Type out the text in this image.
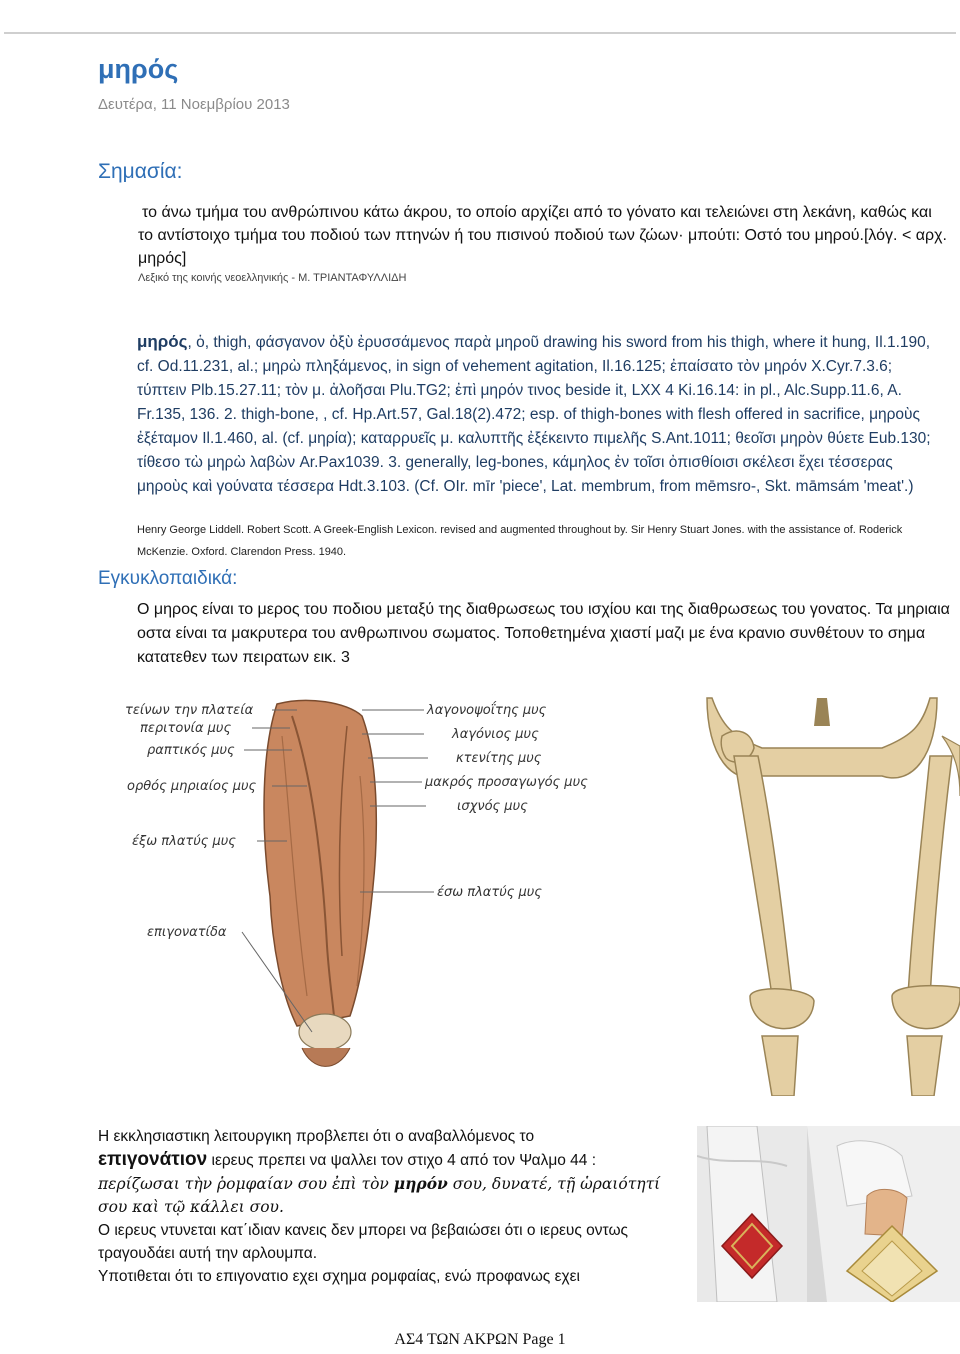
μηρός
Δευτέρα, 11 Νοεμβρίου 2013
Σημασία:
το άνω τμήμα του ανθρώπινου κάτω άκρου, το οποίο αρχίζει από το γόνατο και τελειώνει στη λεκάνη, καθώς και το αντίστοιχο τμήμα του ποδιού των πτηνών ή του πισινού ποδιού των ζώων· μπούτι: Οστό του μηρού.[λόγ. < αρχ. μηρός]
Λεξικό της κοινής νεοελληνικής - Μ. ΤΡΙΑΝΤΑΦΥΛΛΙΔΗ
μηρός, ὁ, thigh, φάσγανον ὀξὺ ἐρυσσάμενος παρὰ μηροῦ drawing his sword from his thigh, where it hung, Il.1.190, cf. Od.11.231, al.; μηρὼ πληξάμενος, in sign of vehement agitation, Il.16.125; ἐπαίσατο τὸν μηρόν X.Cyr.7.3.6; τύπτειν Plb.15.27.11; τὸν μ. ἀλοῆσαι Plu.TG2; ἐπὶ μηρόν τινος beside it, LXX 4 Ki.16.14: in pl., Alc.Supp.11.6, A. Fr.135, 136. 2. thigh-bone, , cf. Hp.Art.57, Gal.18(2).472; esp. of thigh-bones with flesh offered in sacrifice, μηροὺς ἐξέταμον Il.1.460, al. (cf. μηρία); καταρρυεῖς μ. καλυπτῆς ἐξέκειντο πιμελῆς S.Ant.1011; θεοῖσι μηρὸν θύετε Eub.130; τίθεσο τὼ μηρὼ λαβὼν Ar.Pax1039. 3. generally, leg-bones, κάμηλος ἐν τοῖσι ὀπισθίοισι σκέλεσι ἔχει τέσσερας μηροὺς καὶ γούνατα τέσσερα Hdt.3.103. (Cf. OIr. mīr 'piece', Lat. membrum, from mēmsro-, Skt. māmsám 'meat'.)
Henry George Liddell. Robert Scott. A Greek-English Lexicon. revised and augmented throughout by. Sir Henry Stuart Jones. with the assistance of. Roderick McKenzie. Oxford. Clarendon Press. 1940.
Εγκυκλοπαιδικά:
Ο μηρος είναι το μερος του ποδιου μεταξύ της διαθρωσεως του ισχίου και της διαθρωσεως του γονατος. Τα μηριαια οστα είναι τα μακρυτερα του ανθρωπινου σωματος. Τοποθετημένα χιαστί μαζι με ένα κρανιο συνθέτουν το σημα κατατεθεν των πειρατων εικ. 3
τείνων την πλατεία
περιτονία μυς
ραπτικός μυς
ορθός μηριαίος μυς
έξω πλατύς μυς
επιγονατίδα
λαγονοψοΐτης μυς
λαγόνιος μυς
κτενίτης μυς
μακρός προσαγωγός μυς
ισχνός μυς
έσω πλατύς μυς
Η εκκλησιαστικη λειτουργικη προβλεπει ότι ο αναβαλλόμενος το
επιγονάτιον ιερευς πρεπει να ψαλλει τον στιχο 4 από τον Ψαλμο 44 :
περίζωσαι τὴν ῥομφαίαν σου ἐπὶ τὸν μηρόν σου, δυνατέ, τῇ ὡραιότητί σου καὶ τῷ κάλλει σου.
Ο ιερευς ντυνεται κατ΄ιδιαν κανεις δεν μπορει να βεβαιώσει ότι ο ιερευς οντως τραγουδάει αυτή την αρλουμπα.
Υποτιθεται ότι το επιγονατιο εχει σχημα ρομφαίας, ενώ προφανως εχει
ΑΣ4 ΤΩΝ ΑΚΡΩΝ Page 1
